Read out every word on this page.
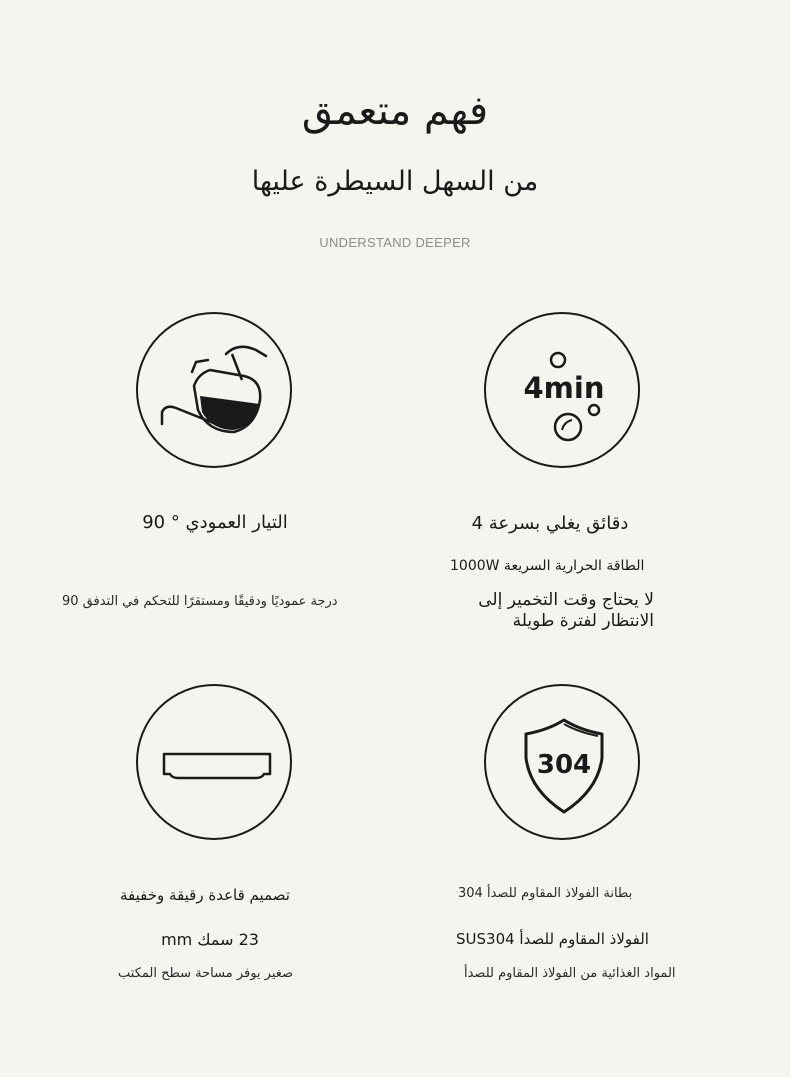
فهم متعمق
من السهل السيطرة عليها
UNDERSTAND DEEPER
التيار العمودي ° 90
درجة عموديًا ودقيقًا ومستقرًا للتحكم في التدفق 90
4min
دقائق يغلي بسرعة 4
الطاقة الحرارية السريعة 1000W
لا يحتاج وقت التخمير إلى
الانتظار لفترة طويلة
تصميم قاعدة رقيقة وخفيفة
23 سمك mm
صغير يوفر مساحة سطح المكتب
304
بطانة الفولاذ المقاوم للصدأ 304
الفولاذ المقاوم للصدأ SUS304
المواد الغذائية من الفولاذ المقاوم للصدأ
